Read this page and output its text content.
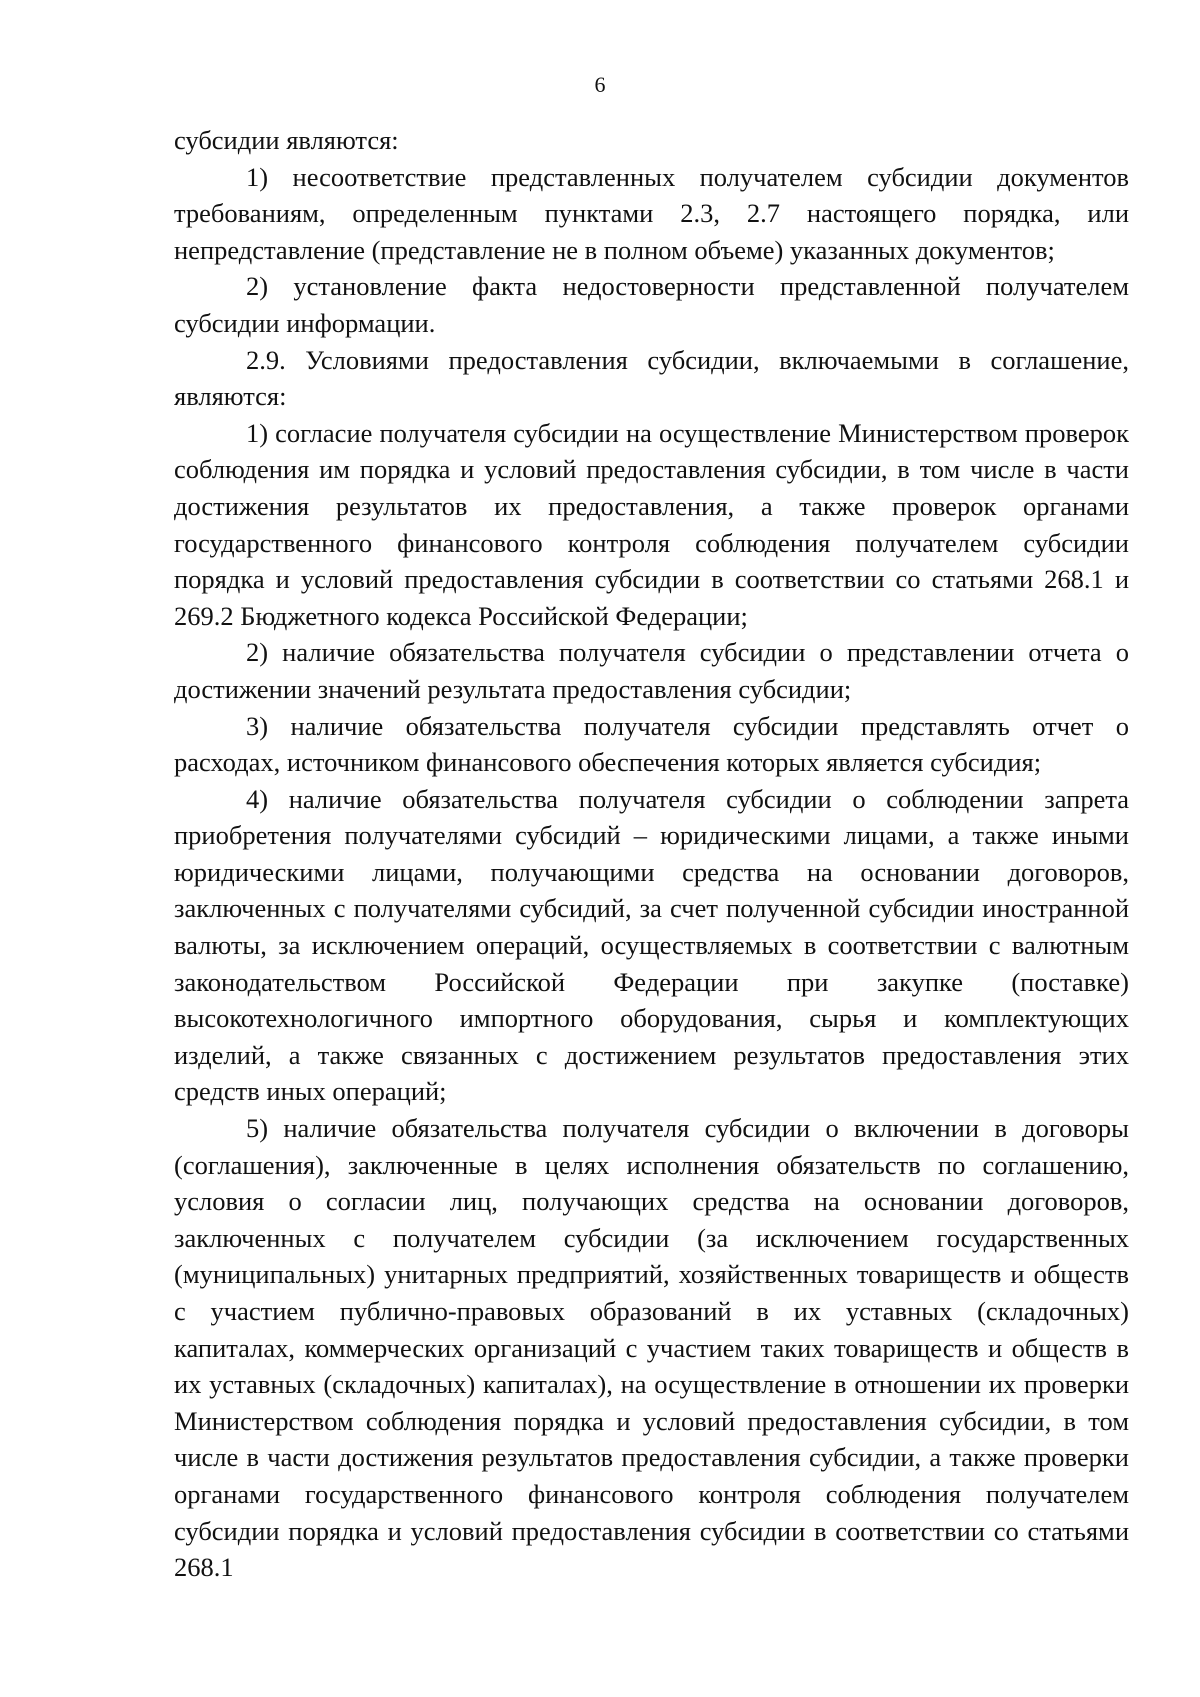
6

субсидии являются:

1) несоответствие представленных получателем субсидии документов требованиям, определенным пунктами 2.3, 2.7 настоящего порядка, или непредставление (представление не в полном объеме) указанных документов;

2) установление факта недостоверности представленной получателем субсидии информации.

2.9. Условиями предоставления субсидии, включаемыми в соглашение, являются:

1) согласие получателя субсидии на осуществление Министерством проверок соблюдения им порядка и условий предоставления субсидии, в том числе в части достижения результатов их предоставления, а также проверок органами государственного финансового контроля соблюдения получателем субсидии порядка и условий предоставления субсидии в соответствии со статьями 268.1 и 269.2 Бюджетного кодекса Российской Федерации;

2) наличие обязательства получателя субсидии о представлении отчета о достижении значений результата предоставления субсидии;

3) наличие обязательства получателя субсидии представлять отчет о расходах, источником финансового обеспечения которых является субсидия;

4) наличие обязательства получателя субсидии о соблюдении запрета приобретения получателями субсидий – юридическими лицами, а также иными юридическими лицами, получающими средства на основании договоров, заключенных с получателями субсидий, за счет полученной субсидии иностранной валюты, за исключением операций, осуществляемых в соответствии с валютным законодательством Российской Федерации при закупке (поставке) высокотехнологичного импортного оборудования, сырья и комплектующих изделий, а также связанных с достижением результатов предоставления этих средств иных операций;

5) наличие обязательства получателя субсидии о включении в договоры (соглашения), заключенные в целях исполнения обязательств по соглашению, условия о согласии лиц, получающих средства на основании договоров, заключенных с получателем субсидии (за исключением государственных (муниципальных) унитарных предприятий, хозяйственных товариществ и обществ с участием публично-правовых образований в их уставных (складочных) капиталах, коммерческих организаций с участием таких товариществ и обществ в их уставных (складочных) капиталах), на осуществление в отношении их проверки Министерством соблюдения порядка и условий предоставления субсидии, в том числе в части достижения результатов предоставления субсидии, а также проверки органами государственного финансового контроля соблюдения получателем субсидии порядка и условий предоставления субсидии в соответствии со статьями 268.1
